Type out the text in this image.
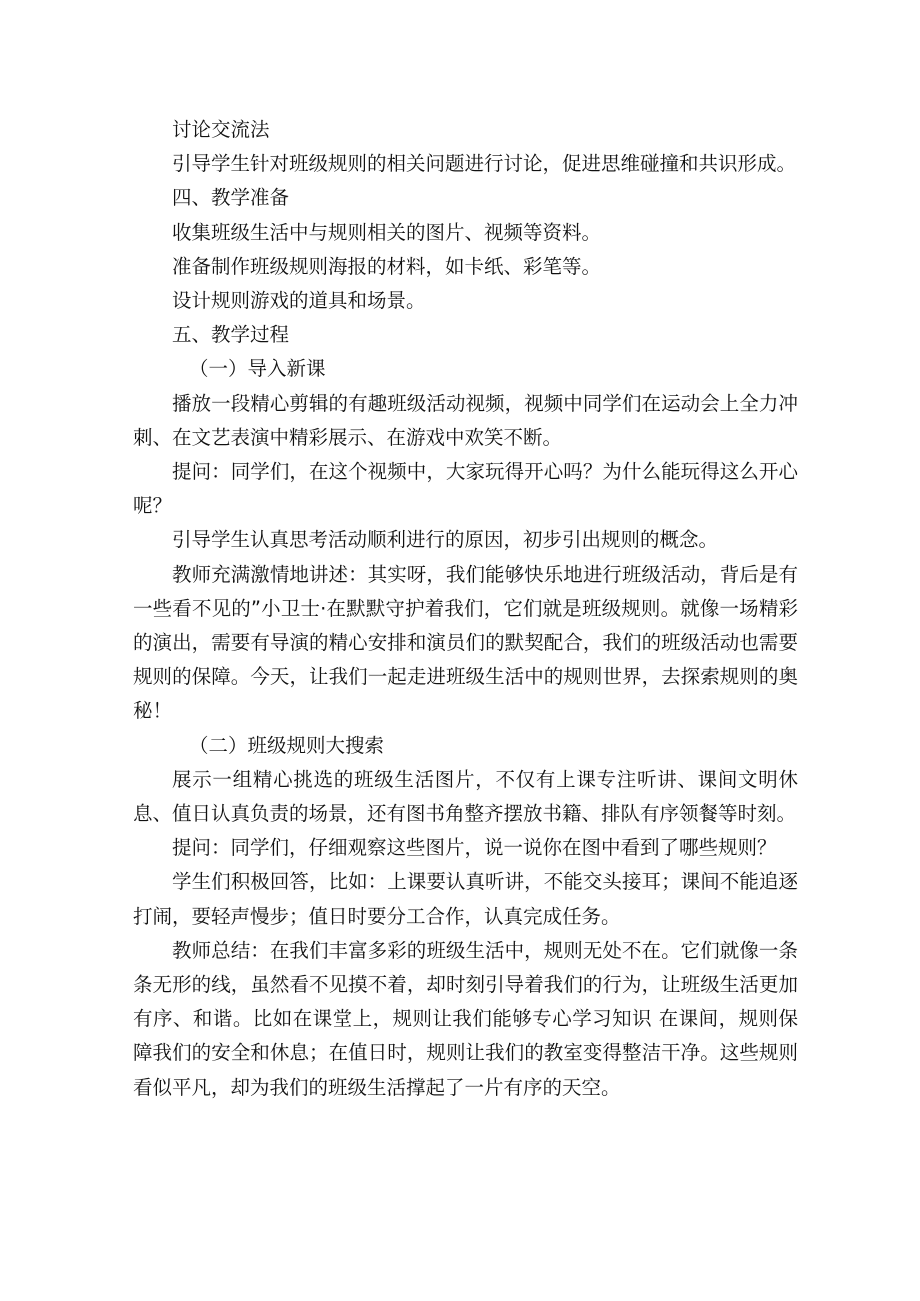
讨论交流法

引导学生针对班级规则的相关问题进行讨论，促进思维碰撞和共识形成。

四、教学准备

收集班级生活中与规则相关的图片、视频等资料。

准备制作班级规则海报的材料，如卡纸、彩笔等。

设计规则游戏的道具和场景。

五、教学过程

（一）导入新课

播放一段精心剪辑的有趣班级活动视频，视频中同学们在运动会上全力冲刺、在文艺表演中精彩展示、在游戏中欢笑不断。

提问：同学们，在这个视频中，大家玩得开心吗？为什么能玩得这么开心呢？

引导学生认真思考活动顺利进行的原因，初步引出规则的概念。

教师充满激情地讲述：其实呀，我们能够快乐地进行班级活动，背后是有一些看不见的”小卫士·在默默守护着我们，它们就是班级规则。就像一场精彩的演出，需要有导演的精心安排和演员们的默契配合，我们的班级活动也需要规则的保障。今天，让我们一起走进班级生活中的规则世界，去探索规则的奥秘！

（二）班级规则大搜索

展示一组精心挑选的班级生活图片，不仅有上课专注听讲、课间文明休息、值日认真负责的场景，还有图书角整齐摆放书籍、排队有序领餐等时刻。

提问：同学们，仔细观察这些图片，说一说你在图中看到了哪些规则？

学生们积极回答，比如：上课要认真听讲，不能交头接耳；课间不能追逐打闹，要轻声慢步；值日时要分工合作，认真完成任务。

教师总结：在我们丰富多彩的班级生活中，规则无处不在。它们就像一条条无形的线，虽然看不见摸不着，却时刻引导着我们的行为，让班级生活更加有序、和谐。比如在课堂上，规则让我们能够专心学习知识 在课间，规则保障我们的安全和休息；在值日时，规则让我们的教室变得整洁干净。这些规则看似平凡，却为我们的班级生活撑起了一片有序的天空。
